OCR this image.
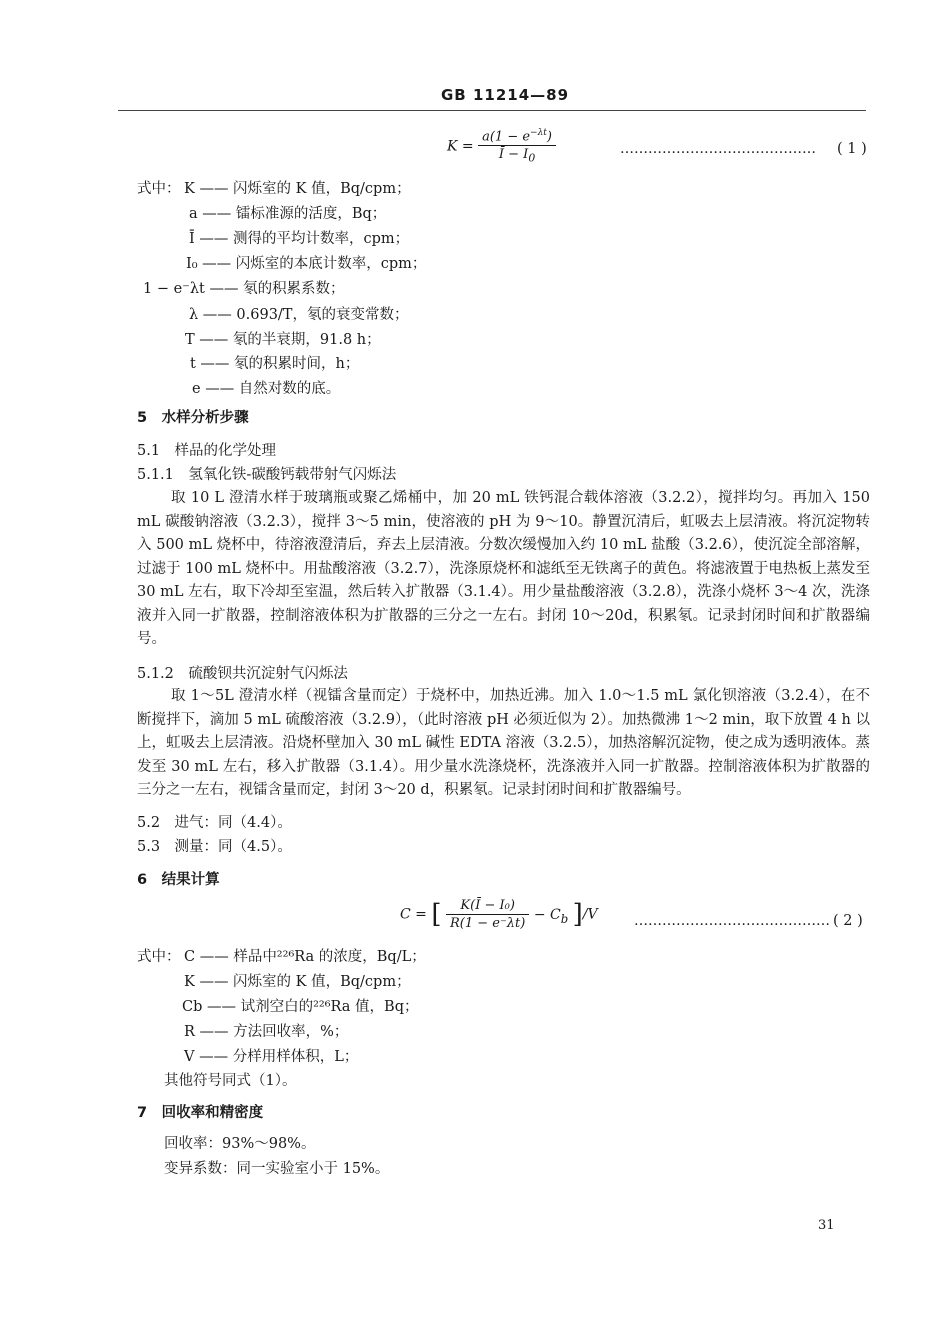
GB 11214—89
$K = \frac{a(1 - e^{-\lambda t})}{Ī - I_0}$	…………………………………… ( 1 )
式中： K —— 闪烁室的 K 值，Bq/cpm；
a —— 镭标准源的活度，Bq；
Ī —— 测得的平均计数率，cpm；
I₀ —— 闪烁室的本底计数率，cpm；
1 − e⁻λt —— 氡的积累系数；
λ —— 0.693/T，氡的衰变常数；
T —— 氡的半衰期，91.8 h；
t —— 氡的积累时间，h；
e —— 自然对数的底。
5　水样分析步骤
5.1　样品的化学处理
5.1.1　氢氧化铁-碳酸钙载带射气闪烁法
取 10 L 澄清水样于玻璃瓶或聚乙烯桶中，加 20 mL 铁钙混合载体溶液（3.2.2），搅拌均匀。再加入 150 mL 碳酸钠溶液（3.2.3），搅拌 3～5 min，使溶液的 pH 为 9～10。静置沉清后，虹吸去上层清液。将沉淀物转入 500 mL 烧杯中，待溶液澄清后，弃去上层清液。分数次缓慢加入约 10 mL 盐酸（3.2.6），使沉淀全部溶解，过滤于 100 mL 烧杯中。用盐酸溶液（3.2.7），洗涤原烧杯和滤纸至无铁离子的黄色。将滤液置于电热板上蒸发至 30 mL 左右，取下冷却至室温，然后转入扩散器（3.1.4）。用少量盐酸溶液（3.2.8），洗涤小烧杯 3～4 次，洗涤液并入同一扩散器，控制溶液体积为扩散器的三分之一左右。封闭 10～20d，积累氡。记录封闭时间和扩散器编号。
5.1.2　硫酸钡共沉淀射气闪烁法
取 1～5L 澄清水样（视镭含量而定）于烧杯中，加热近沸。加入 1.0～1.5 mL 氯化钡溶液（3.2.4），在不断搅拌下，滴加 5 mL 硫酸溶液（3.2.9），（此时溶液 pH 必须近似为 2）。加热微沸 1～2 min，取下放置 4 h 以上，虹吸去上层清液。沿烧杯壁加入 30 mL 碱性 EDTA 溶液（3.2.5），加热溶解沉淀物，使之成为透明液体。蒸发至 30 mL 左右，移入扩散器（3.1.4）。用少量水洗涤烧杯，洗涤液并入同一扩散器。控制溶液体积为扩散器的三分之一左右，视镭含量而定，封闭 3～20 d，积累氡。记录封闭时间和扩散器编号。
5.2　进气：同（4.4）。
5.3　测量：同（4.5）。
6　结果计算
C = [ $\frac{\text{K(Ī − I₀)}}{R(1 - e^-\lambda t)} - C_b$ ]/V	…………………………………… ( 2 )
式中： C —— 样品中²²⁶Ra 的浓度，Bq/L；
K —— 闪烁室的 K 值，Bq/cpm；
Cb —— 试剂空白的²²⁶Ra 值，Bq；
R —— 方法回收率，%；
V —— 分样用样体积，L；
其他符号同式（1）。
7　回收率和精密度
回收率：93%～98%。
变异系数：同一实验室小于 15%。
31
